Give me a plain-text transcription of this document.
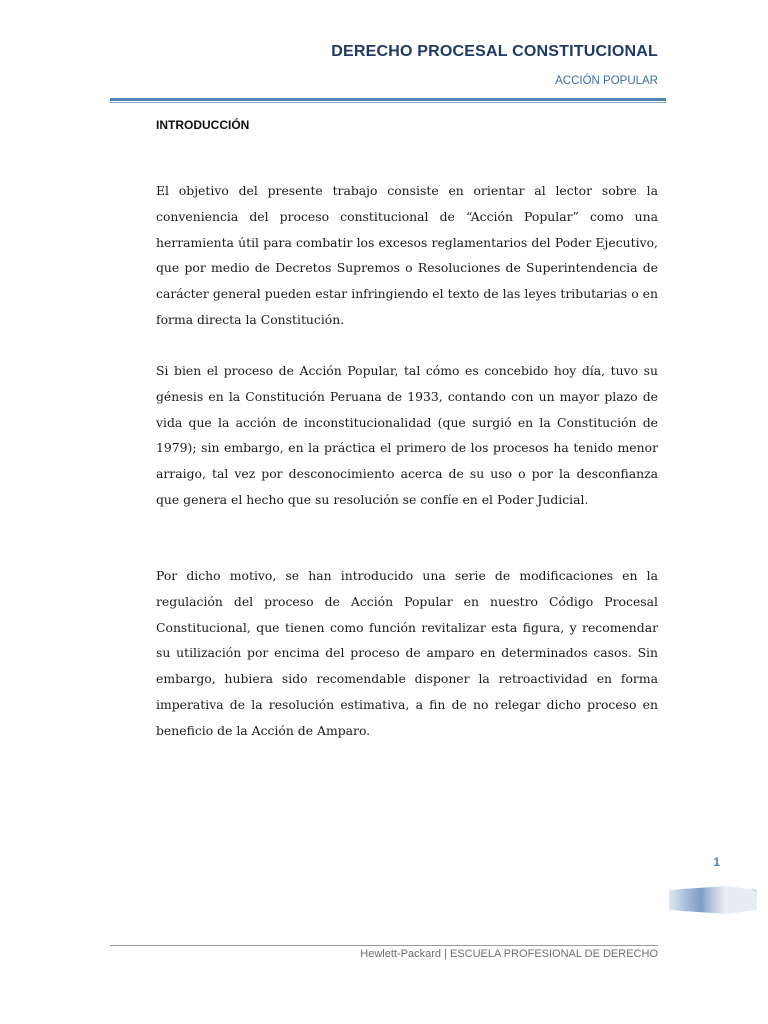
DERECHO PROCESAL CONSTITUCIONAL
ACCIÓN POPULAR
INTRODUCCIÓN

El objetivo del presente trabajo consiste en orientar al lector sobre la conveniencia del proceso constitucional de “Acción Popular” como una herramienta útil para combatir los excesos reglamentarios del Poder Ejecutivo, que por medio de Decretos Supremos o Resoluciones de Superintendencia de carácter general pueden estar infringiendo el texto de las leyes tributarias o en forma directa la Constitución.

Si bien el proceso de Acción Popular, tal cómo es concebido hoy día, tuvo su génesis en la Constitución Peruana de 1933, contando con un mayor plazo de vida que la acción de inconstitucionalidad (que surgió en la Constitución de 1979); sin embargo, en la práctica el primero de los procesos ha tenido menor arraigo, tal vez por desconocimiento acerca de su uso o por la desconfianza que genera el hecho que su resolución se confíe en el Poder Judicial.

Por dicho motivo, se han introducido una serie de modificaciones en la regulación del proceso de Acción Popular en nuestro Código Procesal Constitucional, que tienen como función revitalizar esta figura, y recomendar su utilización por encima del proceso de amparo en determinados casos. Sin embargo, hubiera sido recomendable disponer la retroactividad en forma imperativa de la resolución estimativa, a fin de no relegar dicho proceso en beneficio de la Acción de Amparo.

1
Hewlett-Packard | ESCUELA PROFESIONAL DE DERECHO
